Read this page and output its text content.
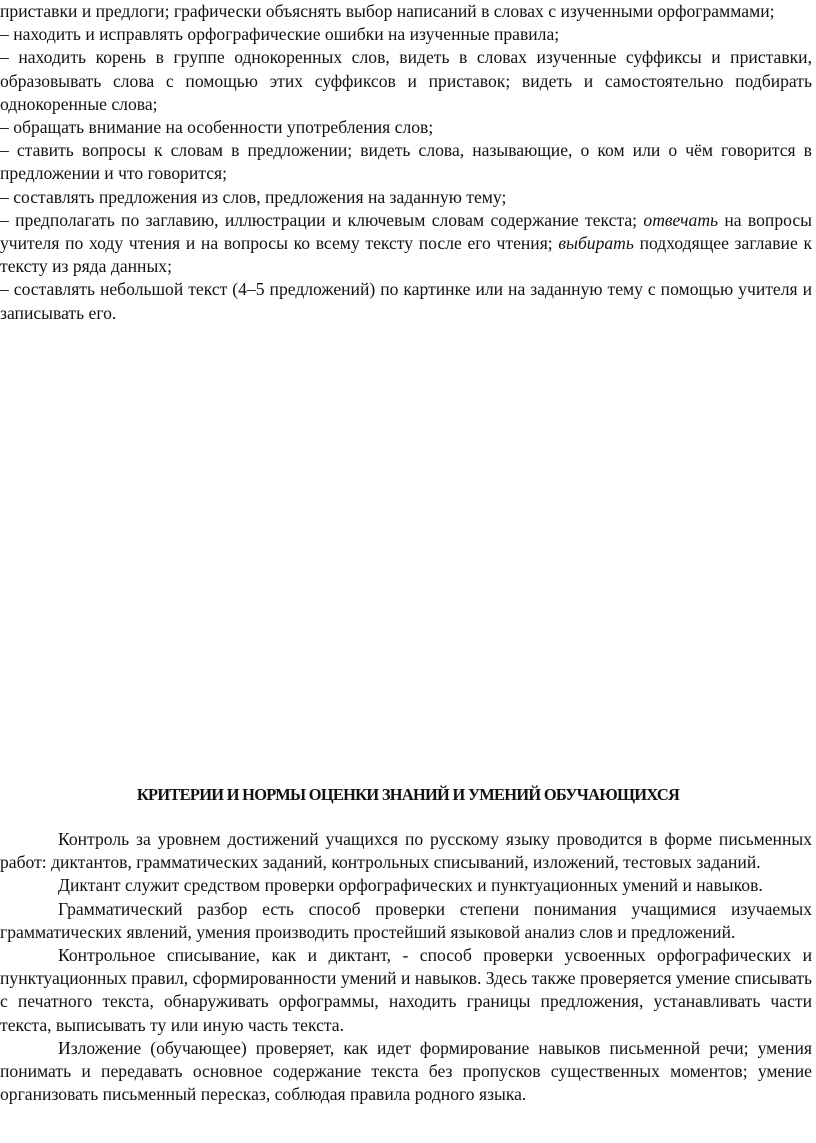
приставки и предлоги; графически объяснять выбор написаний в словах с изученными орфограммами;

– находить и исправлять орфографические ошибки на изученные правила;

– находить корень в группе однокоренных слов, видеть в словах изученные суффиксы и приставки, образовывать слова с помощью этих суффиксов и приставок; видеть и самостоятельно подбирать однокоренные слова;

– обращать внимание на особенности употребления слов;

– ставить вопросы к словам в предложении; видеть слова, называющие, о ком или о чём говорится в предложении и что говорится;

– составлять предложения из слов, предложения на заданную тему;

– предполагать по заглавию, иллюстрации и ключевым словам содержание текста; отвечать на вопросы учителя по ходу чтения и на вопросы ко всему тексту после его чтения; выбирать подходящее заглавие к тексту из ряда данных;

– составлять небольшой текст (4–5 предложений) по картинке или на заданную тему с помощью учителя и записывать его.

КРИТЕРИИ И НОРМЫ ОЦЕНКИ ЗНАНИЙ И УМЕНИЙ ОБУЧАЮЩИХСЯ

Контроль за уровнем достижений учащихся по русскому языку проводится в форме письменных работ: диктантов, грамматических заданий, контрольных списываний, изложений, тестовых заданий.

Диктант служит средством проверки орфографических и пунктуационных умений и навыков.

Грамматический разбор есть способ проверки степени понимания учащимися изучаемых грамматических явлений, умения производить простейший языковой анализ слов и предложений.

Контрольное списывание, как и диктант, - способ проверки усвоенных орфографических и пунктуационных правил, сформированности умений и навыков. Здесь также проверяется умение списывать с печатного текста, обнаруживать орфограммы, находить границы предложения, устанавливать части текста, выписывать ту или иную часть текста.

Изложение (обучающее) проверяет, как идет формирование навыков письменной речи; умения понимать и передавать основное содержание текста без пропусков существенных моментов; умение организовать письменный пересказ, соблюдая правила родного языка.
